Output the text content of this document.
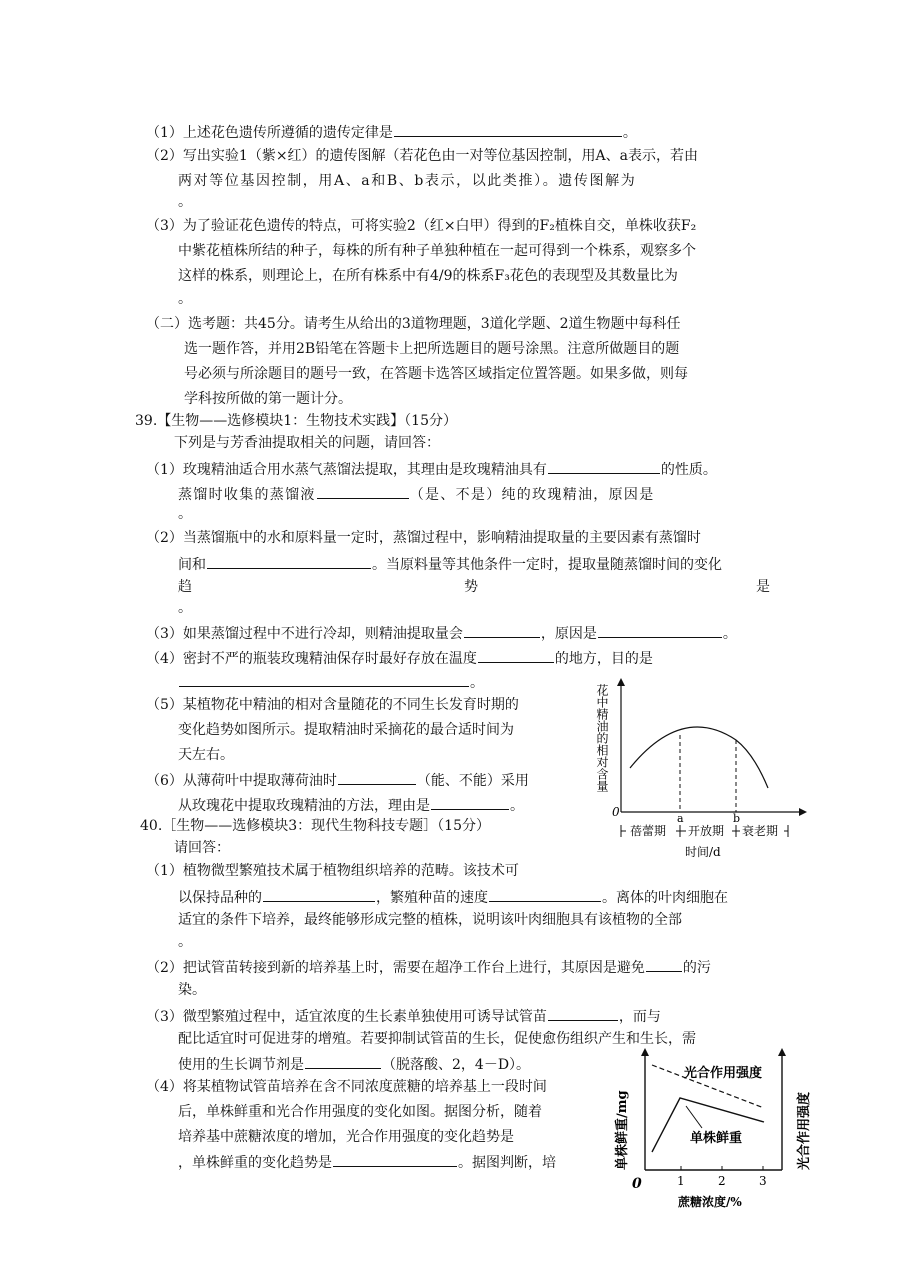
（1）上述花色遗传所遵循的遗传定律是	。
（2）写出实验1（紫×红）的遗传图解（若花色由一对等位基因控制，用A、a表示，若由
两对等位基因控制，用A、a和B、b表示，以此类推）。遗传图解为
。
（3）为了验证花色遗传的特点，可将实验2（红×白甲）得到的F₂植株自交，单株收获F₂
中紫花植株所结的种子，每株的所有种子单独种植在一起可得到一个株系，观察多个
这样的株系，则理论上，在所有株系中有4/9的株系F₃花色的表现型及其数量比为
。
（二）选考题：共45分。请考生从给出的3道物理题，3道化学题、2道生物题中每科任
选一题作答，并用2B铅笔在答题卡上把所选题目的题号涂黑。注意所做题目的题
号必须与所涂题目的题号一致，在答题卡选答区域指定位置答题。如果多做，则每
学科按所做的第一题计分。
39.【生物——选修模块1：生物技术实践】（15分）
下列是与芳香油提取相关的问题，请回答：
（1）玫瑰精油适合用水蒸气蒸馏法提取，其理由是玫瑰精油具有	的性质。
蒸馏时收集的蒸馏液	（是、不是）纯的玫瑰精油，原因是
。
（2）当蒸馏瓶中的水和原料量一定时，蒸馏过程中，影响精油提取量的主要因素有蒸馏时
间和	。当原料量等其他条件一定时，提取量随蒸馏时间的变化
趋	势	是
。
（3）如果蒸馏过程中不进行冷却，则精油提取量会	，原因是	。
（4）密封不严的瓶装玫瑰精油保存时最好存放在温度	的地方，目的是
。
（5）某植物花中精油的相对含量随花的不同生长发育时期的
变化趋势如图所示。提取精油时采摘花的最合适时间为
天左右。
（6）从薄荷叶中提取薄荷油时	（能、不能）采用
从玫瑰花中提取玫瑰精油的方法，理由是	。
花中精油的相对含量
0	a	b
蓓蕾期 开放期 衰老期
时间/d
40.［生物——选修模块3：现代生物科技专题］（15分）
请回答：
（1）植物微型繁殖技术属于植物组织培养的范畴。该技术可
以保持品种的	，繁殖种苗的速度	。离体的叶肉细胞在
适宜的条件下培养，最终能够形成完整的植株，说明该叶肉细胞具有该植物的全部
。
（2）把试管苗转接到新的培养基上时，需要在超净工作台上进行，其原因是避免	的污
染。
（3）微型繁殖过程中，适宜浓度的生长素单独使用可诱导试管苗	，而与
配比适宜时可促进芽的增殖。若要抑制试管苗的生长，促使愈伤组织产生和生长，需
使用的生长调节剂是	（脱落酸、2，4－D）。
（4）将某植物试管苗培养在含不同浓度蔗糖的培养基上一段时间
后，单株鲜重和光合作用强度的变化如图。据图分析，随着
培养基中蔗糖浓度的增加，光合作用强度的变化趋势是
，单株鲜重的变化趋势是	。据图判断，培	单株鲜重/mg	光合作用强度
光合作用强度
单株鲜重
0	1	2	3
蔗糖浓度/%
